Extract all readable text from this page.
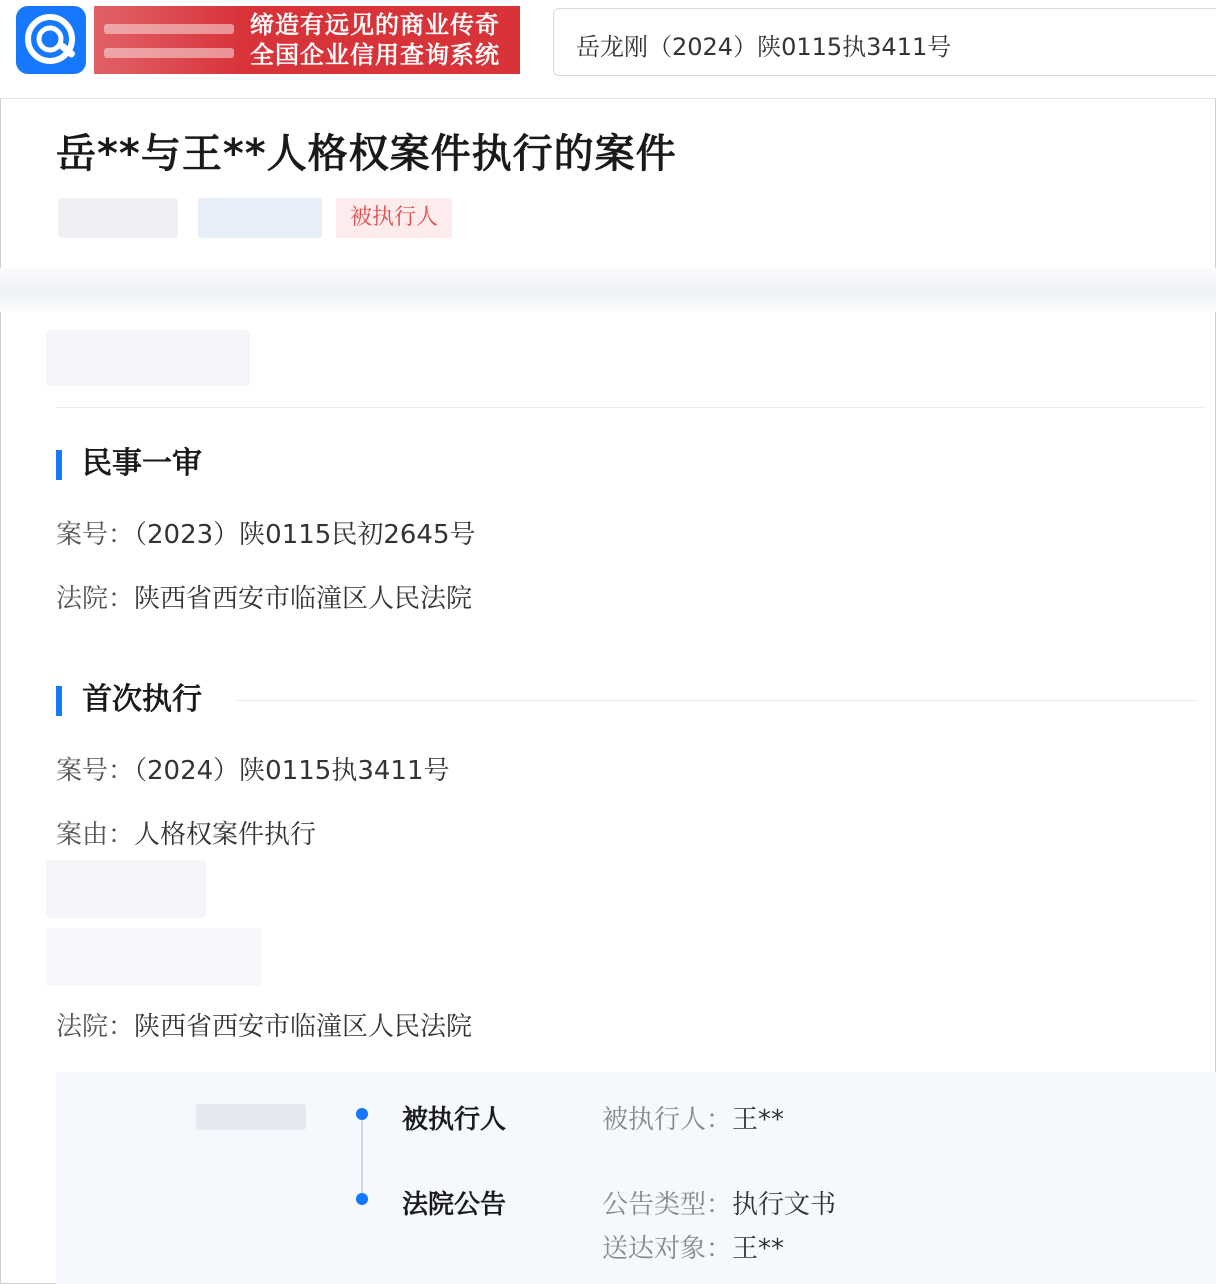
缔造有远见的商业传奇
全国企业信用查询系统	岳龙刚（2024）陕0115执3411号
岳**与王**人格权案件执行的案件
被执行人
民事一审
案号：（2023）陕0115民初2645号
法院：陕西省西安市临潼区人民法院
首次执行
案号：（2024）陕0115执3411号
案由：人格权案件执行
法院：陕西省西安市临潼区人民法院
被执行人	被执行人：王**
法院公告	公告类型：执行文书
送达对象：王**
